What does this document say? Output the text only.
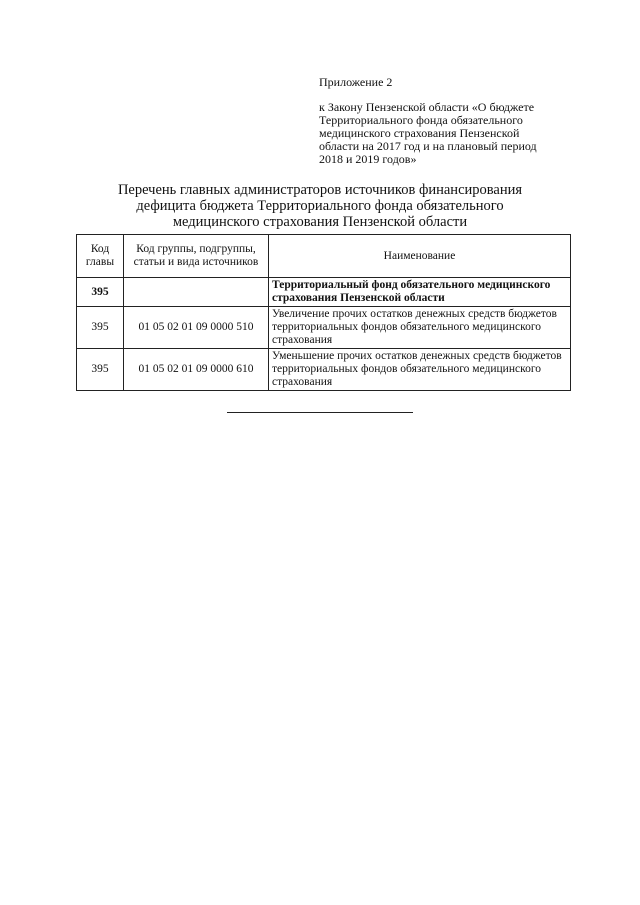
Приложение 2
к Закону Пензенской области «О бюджете
Территориального фонда обязательного
медицинского страхования Пензенской
области на 2017 год и на плановый период
2018 и 2019 годов»
Перечень главных администраторов источников финансирования
дефицита бюджета Территориального фонда обязательного
медицинского страхования Пензенской области
Код главы	Код группы, подгруппы, статьи и вида источников	Наименование
395		Территориальный фонд обязательного медицинского страхования Пензенской области
395	01 05 02 01 09 0000 510	Увеличение прочих остатков денежных средств бюджетов территориальных фондов обязательного медицинского страхования
395	01 05 02 01 09 0000 610	Уменьшение прочих остатков денежных средств бюджетов территориальных фондов обязательного медицинского страхования
